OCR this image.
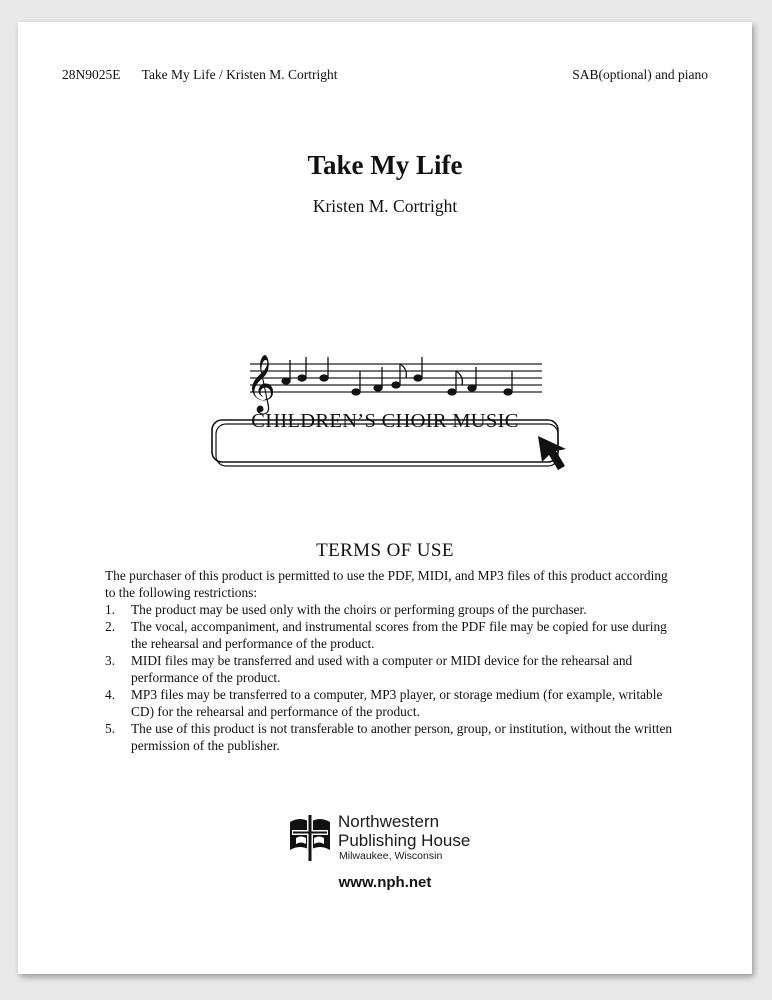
28N9025E Take My Life / Kristen M. Cortright	SAB(optional) and piano
Take My Life
Kristen M. Cortright
𝄞
CHILDREN’S CHOIR MUSIC
TERMS OF USE

The purchaser of this product is permitted to use the PDF, MIDI, and MP3 files of this product according to the following restrictions:

1. The product may be used only with the choirs or performing groups of the purchaser.
2. The vocal, accompaniment, and instrumental scores from the PDF file may be copied for use during the rehearsal and performance of the product.
3. MIDI files may be transferred and used with a computer or MIDI device for the rehearsal and performance of the product.
4. MP3 files may be transferred to a computer, MP3 player, or storage medium (for example, writable CD) for the rehearsal and performance of the product.
5. The use of this product is not transferable to another person, group, or institution, without the written permission of the publisher.
Northwestern
Publishing House
Milwaukee, Wisconsin
www.nph.net
